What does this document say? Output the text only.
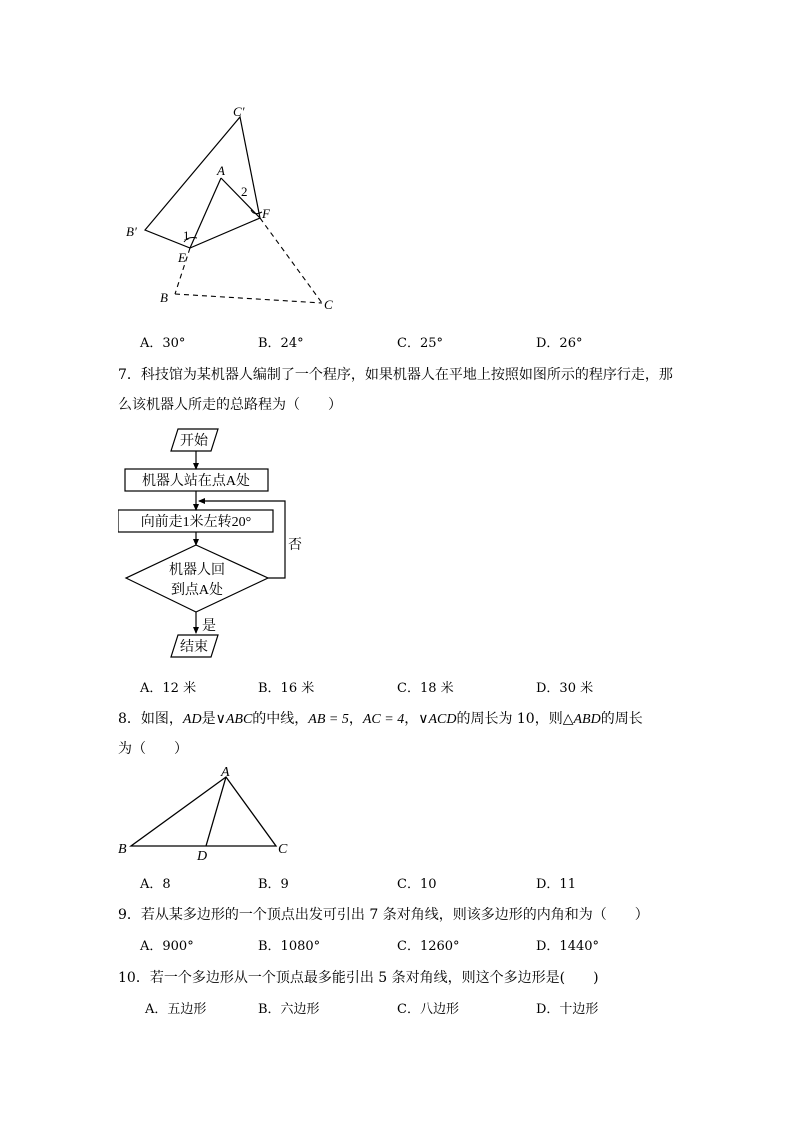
C′
A
2
F
B′	1
E
B	C
A．30°	B．24°	C．25°	D．26°
7．科技馆为某机器人编制了一个程序，如果机器人在平地上按照如图所示的程序行走，那
么该机器人所走的总路程为（　　）
开始
机器人站在点A处
向前走1米左转20°
机器人回
到点A处
否
是
结束
A．12 米	B．16 米	C．18 米	D．30 米
8．如图，AD是∨ABC的中线，AB = 5，AC = 4，∨ACD的周长为 10，则△ABD的周长
为（　　）
A
B	D	C
A．8	B．9	C．10	D．11
9．若从某多边形的一个顶点出发可引出 7 条对角线，则该多边形的内角和为（　　）
A．900°	B．1080°	C．1260°	D．1440°
10．若一个多边形从一个顶点最多能引出 5 条对角线，则这个多边形是(　　)
A．五边形	B．六边形	C．八边形	D．十边形
